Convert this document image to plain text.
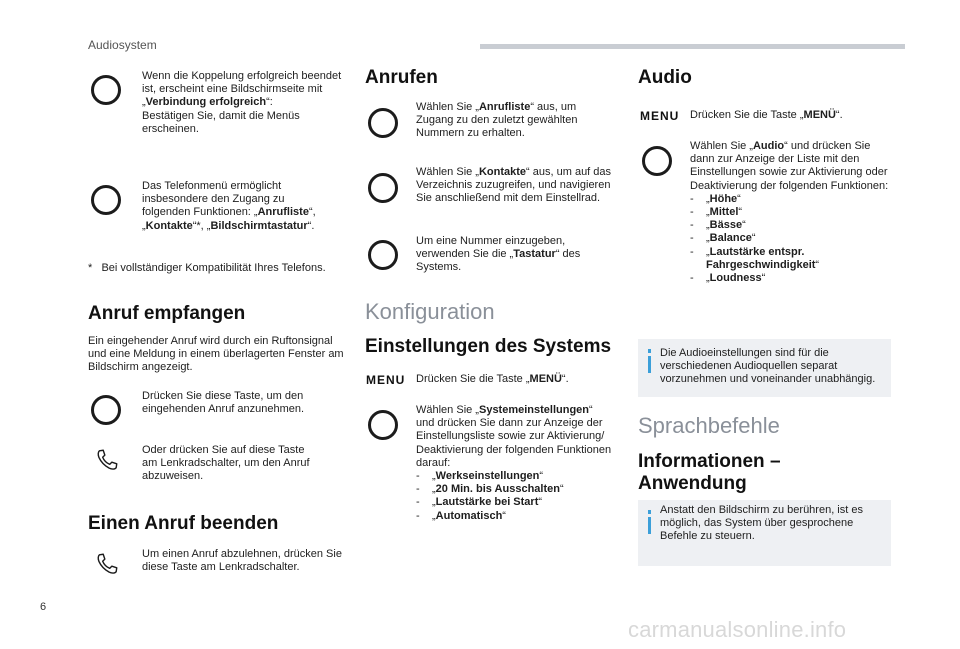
Audiosystem
Wenn die Koppelung erfolgreich beendet
ist, erscheint eine Bildschirmseite mit
„Verbindung erfolgreich“:
Bestätigen Sie, damit die Menüs
erscheinen.
Das Telefonmenü ermöglicht
insbesondere den Zugang zu
folgenden Funktionen: „Anrufliste“,
„Kontakte“*, „Bildschirmtastatur“.
*   Bei vollständiger Kompatibilität Ihres Telefons.
Anruf empfangen
Ein eingehender Anruf wird durch ein Ruftonsignal
und eine Meldung in einem überlagerten Fenster am
Bildschirm angezeigt.
Drücken Sie diese Taste, um den
eingehenden Anruf anzunehmen.
Oder drücken Sie auf diese Taste
am Lenkradschalter, um den Anruf
abzuweisen.
Einen Anruf beenden
Um einen Anruf abzulehnen, drücken Sie
diese Taste am Lenkradschalter.
Anrufen
Wählen Sie „Anrufliste“ aus, um
Zugang zu den zuletzt gewählten
Nummern zu erhalten.
Wählen Sie „Kontakte“ aus, um auf das
Verzeichnis zuzugreifen, und navigieren
Sie anschließend mit dem Einstellrad.
Um eine Nummer einzugeben,
verwenden Sie die „Tastatur“ des
Systems.
Konfiguration
Einstellungen des Systems
MENU Drücken Sie die Taste „MENÜ“.
Wählen Sie „Systemeinstellungen“
und drücken Sie dann zur Anzeige der
Einstellungsliste sowie zur Aktivierung/
Deaktivierung der folgenden Funktionen
darauf:
-	„Werkseinstellungen“
-	„20 Min. bis Ausschalten“
-	„Lautstärke bei Start“
-	„Automatisch“
Audio
MENU Drücken Sie die Taste „MENÜ“.
Wählen Sie „Audio“ und drücken Sie
dann zur Anzeige der Liste mit den
Einstellungen sowie zur Aktivierung oder
Deaktivierung der folgenden Funktionen:
-	„Höhe“
-	„Mittel“
-	„Bässe“
-	„Balance“
-	„Lautstärke entspr.
Fahrgeschwindigkeit“
-	„Loudness“
Die Audioeinstellungen sind für die
verschiedenen Audioquellen separat
vorzunehmen und voneinander unabhängig.
Sprachbefehle
Informationen –
Anwendung
Anstatt den Bildschirm zu berühren, ist es
möglich, das System über gesprochene
Befehle zu steuern.
6
carmanualsonline.info
